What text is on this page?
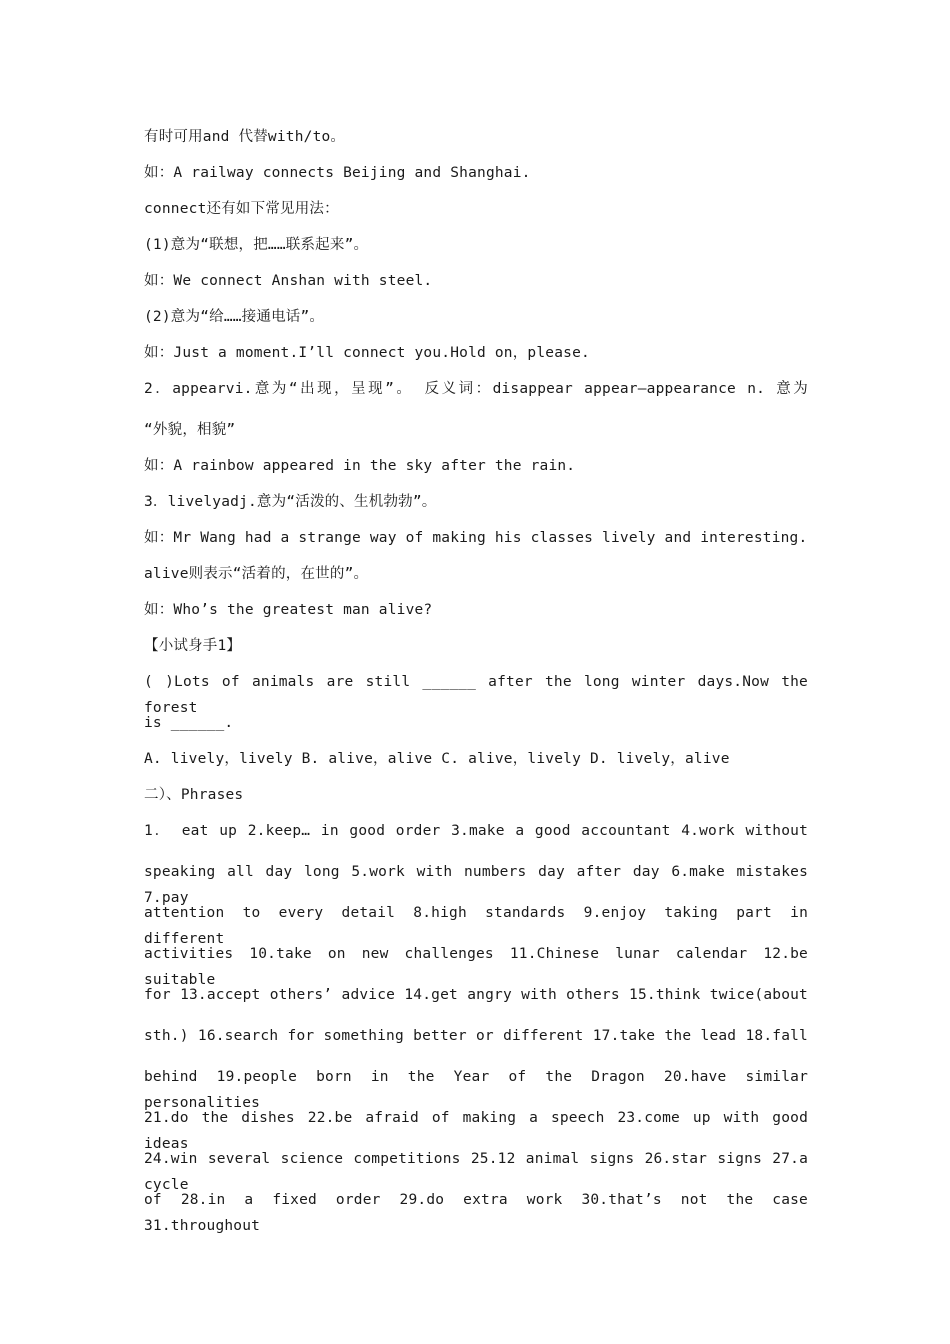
有时可用and 代替with/to。
如：A railway connects Beijing and Shanghai.
connect还有如下常见用法：
(1)意为“联想，把……联系起来”。
如：We connect Anshan with steel.
(2)意为“给……接通电话”。
如：Just a moment.I’ll connect you.Hold on，please.
2．appearvi.意为“出现，呈现”。 反义词：disappear appear—appearance n. 意为
“外貌，相貌”
如：A rainbow appeared in the sky after the rain.
3．livelyadj.意为“活泼的、生机勃勃”。
如：Mr Wang had a strange way of making his classes lively and interesting.
alive则表示“活着的，在世的”。
如：Who’s the greatest man alive?
【小试身手1】
( )Lots of animals are still ______ after the long winter days.Now the forest
is ______.
A. lively，lively B. alive，alive C. alive，lively D. lively，alive
二）、Phrases
1． eat up 2.keep… in good order 3.make a good accountant 4.work without
speaking all day long 5.work with numbers day after day 6.make mistakes 7.pay
attention to every detail 8.high standards 9.enjoy taking part in different
activities 10.take on new challenges 11.Chinese lunar calendar 12.be suitable
for 13.accept others’ advice 14.get angry with others 15.think twice(about
sth.) 16.search for something better or different 17.take the lead 18.fall
behind 19.people born in the Year of the Dragon 20.have similar personalities
21.do the dishes 22.be afraid of making a speech 23.come up with good ideas
24.win several science competitions 25.12 animal signs 26.star signs 27.a cycle
of 28.in a fixed order 29.do extra work 30.that’s not the case 31.throughout
